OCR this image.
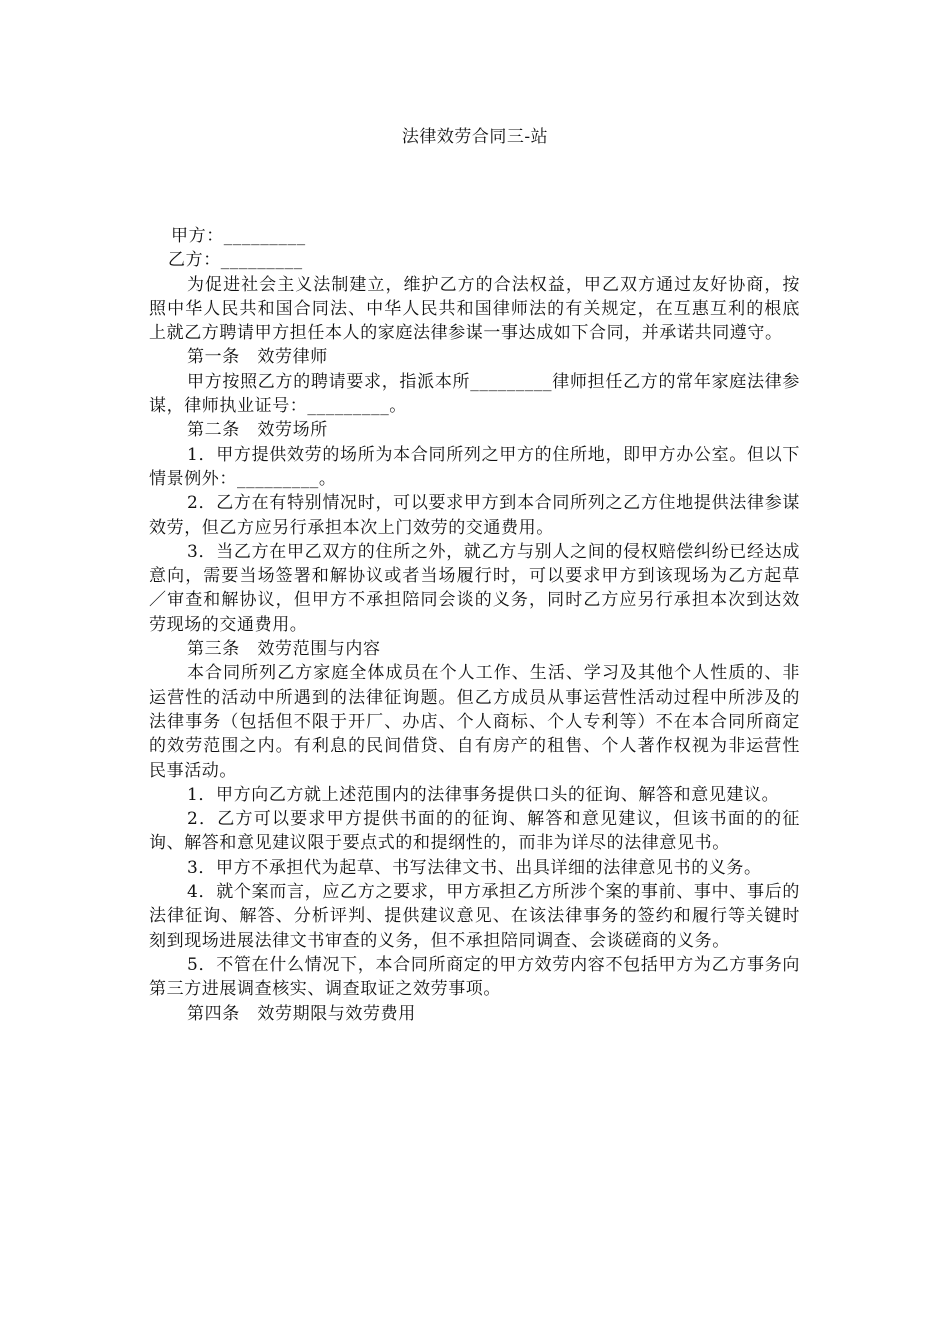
法律效劳合同三-站

甲方：_________

乙方：_________

为促进社会主义法制建立，维护乙方的合法权益，甲乙双方通过友好协商，按照中华人民共和国合同法、中华人民共和国律师法的有关规定，在互惠互利的根底上就乙方聘请甲方担任本人的家庭法律参谋一事达成如下合同，并承诺共同遵守。

第一条　效劳律师

甲方按照乙方的聘请要求，指派本所_________律师担任乙方的常年家庭法律参谋，律师执业证号：_________。

第二条　效劳场所

1．甲方提供效劳的场所为本合同所列之甲方的住所地，即甲方办公室。但以下情景例外：_________。

2．乙方在有特别情况时，可以要求甲方到本合同所列之乙方住地提供法律参谋效劳，但乙方应另行承担本次上门效劳的交通费用。

3．当乙方在甲乙双方的住所之外，就乙方与别人之间的侵权赔偿纠纷已经达成意向，需要当场签署和解协议或者当场履行时，可以要求甲方到该现场为乙方起草／审查和解协议，但甲方不承担陪同会谈的义务，同时乙方应另行承担本次到达效劳现场的交通费用。

第三条　效劳范围与内容

本合同所列乙方家庭全体成员在个人工作、生活、学习及其他个人性质的、非运营性的活动中所遇到的法律征询题。但乙方成员从事运营性活动过程中所涉及的法律事务（包括但不限于开厂、办店、个人商标、个人专利等）不在本合同所商定的效劳范围之内。有利息的民间借贷、自有房产的租售、个人著作权视为非运营性民事活动。

1．甲方向乙方就上述范围内的法律事务提供口头的征询、解答和意见建议。

2．乙方可以要求甲方提供书面的的征询、解答和意见建议，但该书面的的征询、解答和意见建议限于要点式的和提纲性的，而非为详尽的法律意见书。

3．甲方不承担代为起草、书写法律文书、出具详细的法律意见书的义务。

4．就个案而言，应乙方之要求，甲方承担乙方所涉个案的事前、事中、事后的法律征询、解答、分析评判、提供建议意见、在该法律事务的签约和履行等关键时刻到现场进展法律文书审查的义务，但不承担陪同调查、会谈磋商的义务。

5．不管在什么情况下，本合同所商定的甲方效劳内容不包括甲方为乙方事务向第三方进展调查核实、调查取证之效劳事项。

第四条　效劳期限与效劳费用
